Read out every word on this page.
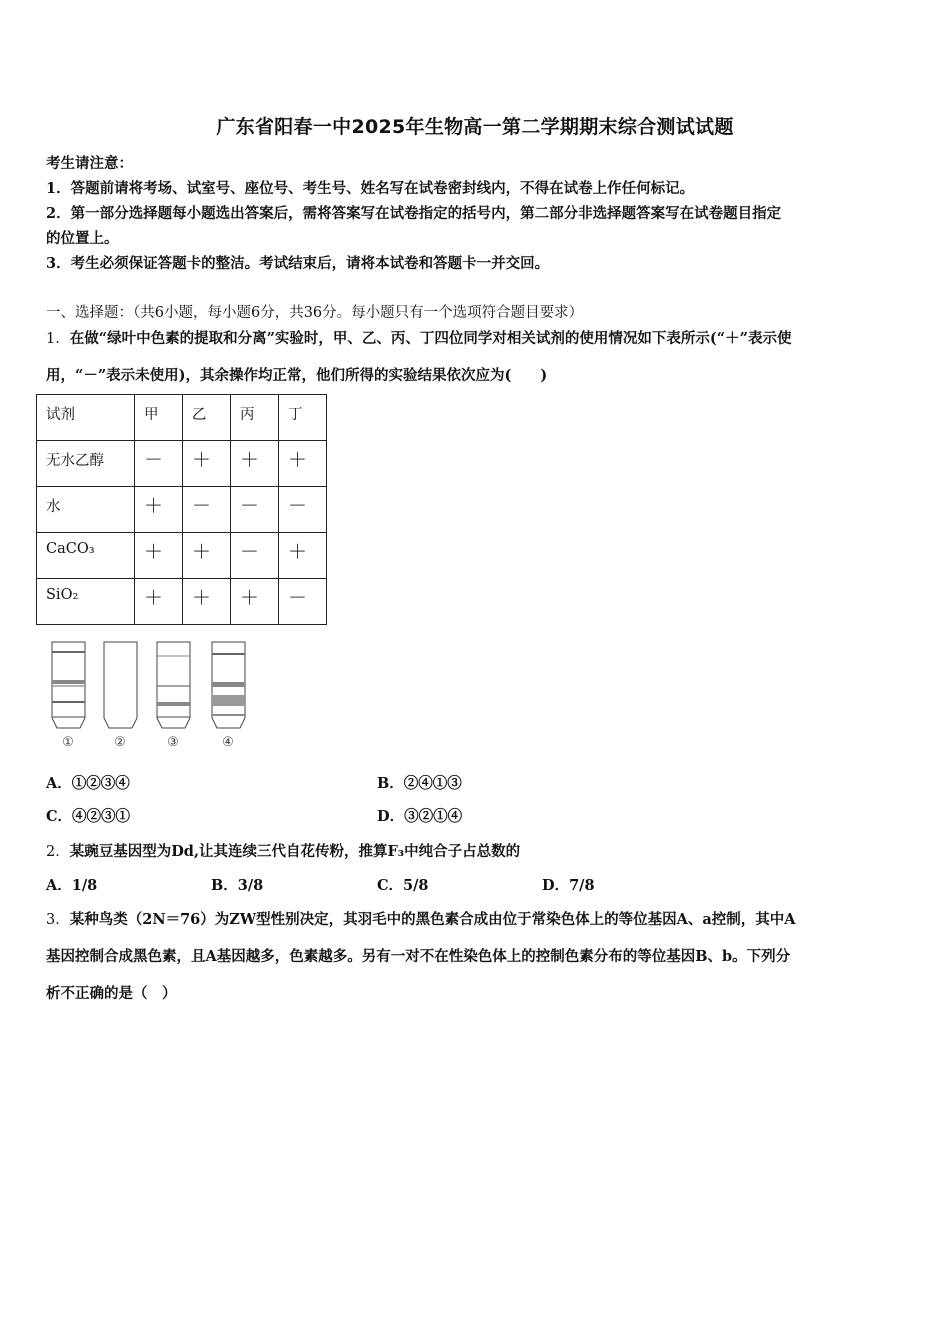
广东省阳春一中2025年生物高一第二学期期末综合测试试题
考生请注意：
1．答题前请将考场、试室号、座位号、考生号、姓名写在试卷密封线内，不得在试卷上作任何标记。
2．第一部分选择题每小题选出答案后，需将答案写在试卷指定的括号内，第二部分非选择题答案写在试卷题目指定
的位置上。
3．考生必须保证答题卡的整洁。考试结束后，请将本试卷和答题卡一并交回。
一、选择题：（共6小题，每小题6分，共36分。每小题只有一个选项符合题目要求）
1．在做“绿叶中色素的提取和分离”实验时，甲、乙、丙、丁四位同学对相关试剂的使用情况如下表所示(“＋”表示使
用，“－”表示未使用)，其余操作均正常，他们所得的实验结果依次应为(　　)
试剂	甲	乙	丙	丁
无水乙醇	－	＋	＋	＋
水	＋	－	－	－
CaCO₃	＋	＋	－	＋
SiO₂	＋	＋	＋	－
①	②	③	④
A．①②③④	B．②④①③
C．④②③①	D．③②①④
2．某豌豆基因型为Dd,让其连续三代自花传粉，推算F₃中纯合子占总数的
A．1/8	B．3/8	C．5/8	D．7/8
3．某种鸟类（2N＝76）为ZW型性别决定，其羽毛中的黑色素合成由位于常染色体上的等位基因A、a控制，其中A
基因控制合成黑色素，且A基因越多，色素越多。另有一对不在性染色体上的控制色素分布的等位基因B、b。下列分
析不正确的是（　）
